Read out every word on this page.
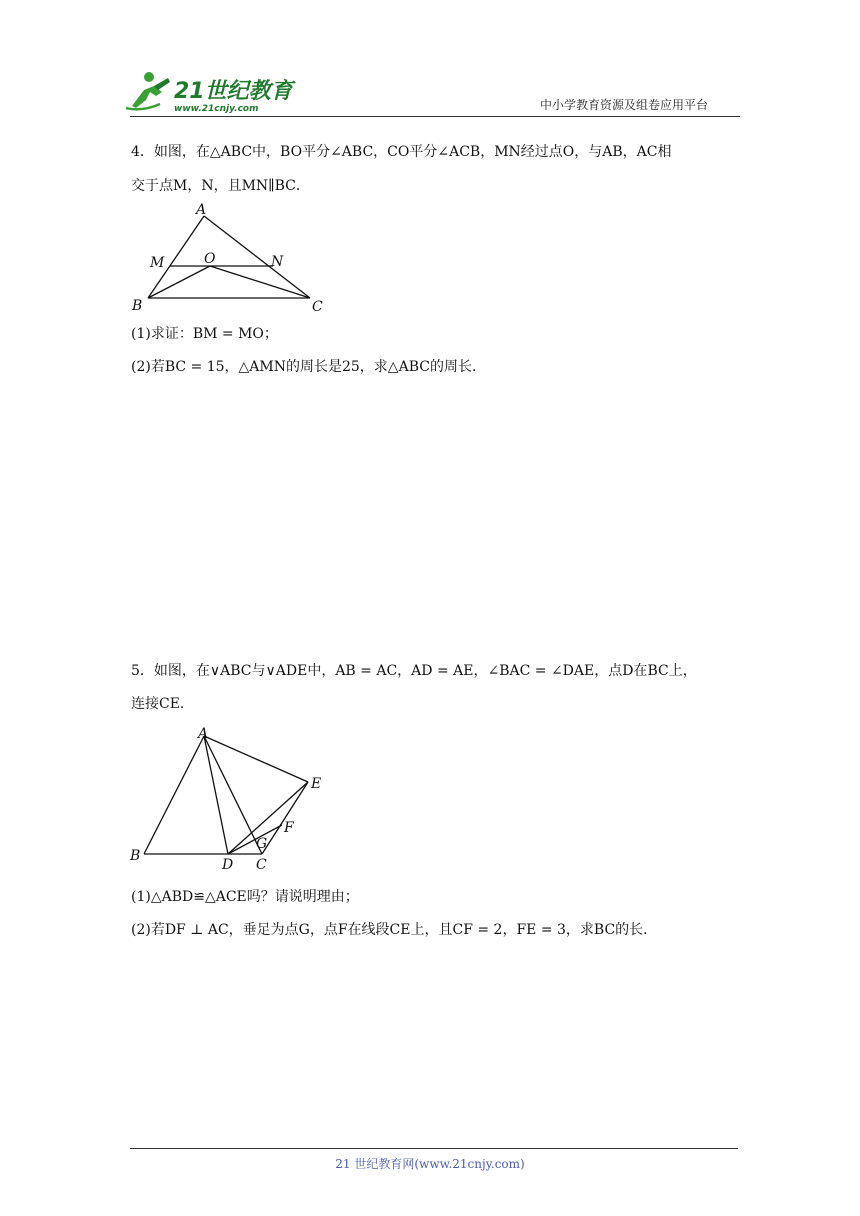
21世纪教育
www.21cnjy.com	中小学教育资源及组卷应用平台
4．如图，在△ABC中，BO平分∠ABC，CO平分∠ACB，MN经过点O，与AB，AC相
交于点M，N，且MN∥BC．
A
M	O	N
B	C
(1)求证：BM = MO；
(2)若BC = 15，△AMN的周长是25，求△ABC的周长．
5．如图，在∨ABC与∨ADE中，AB = AC，AD = AE，∠BAC = ∠DAE，点D在BC上，
连接CE．
A
E
F
G
B
D C
(1)△ABD≌△ACE吗？请说明理由；
(2)若DF ⊥ AC，垂足为点G，点F在线段CE上，且CF = 2，FE = 3，求BC的长．
21 世纪教育网(www.21cnjy.com)
